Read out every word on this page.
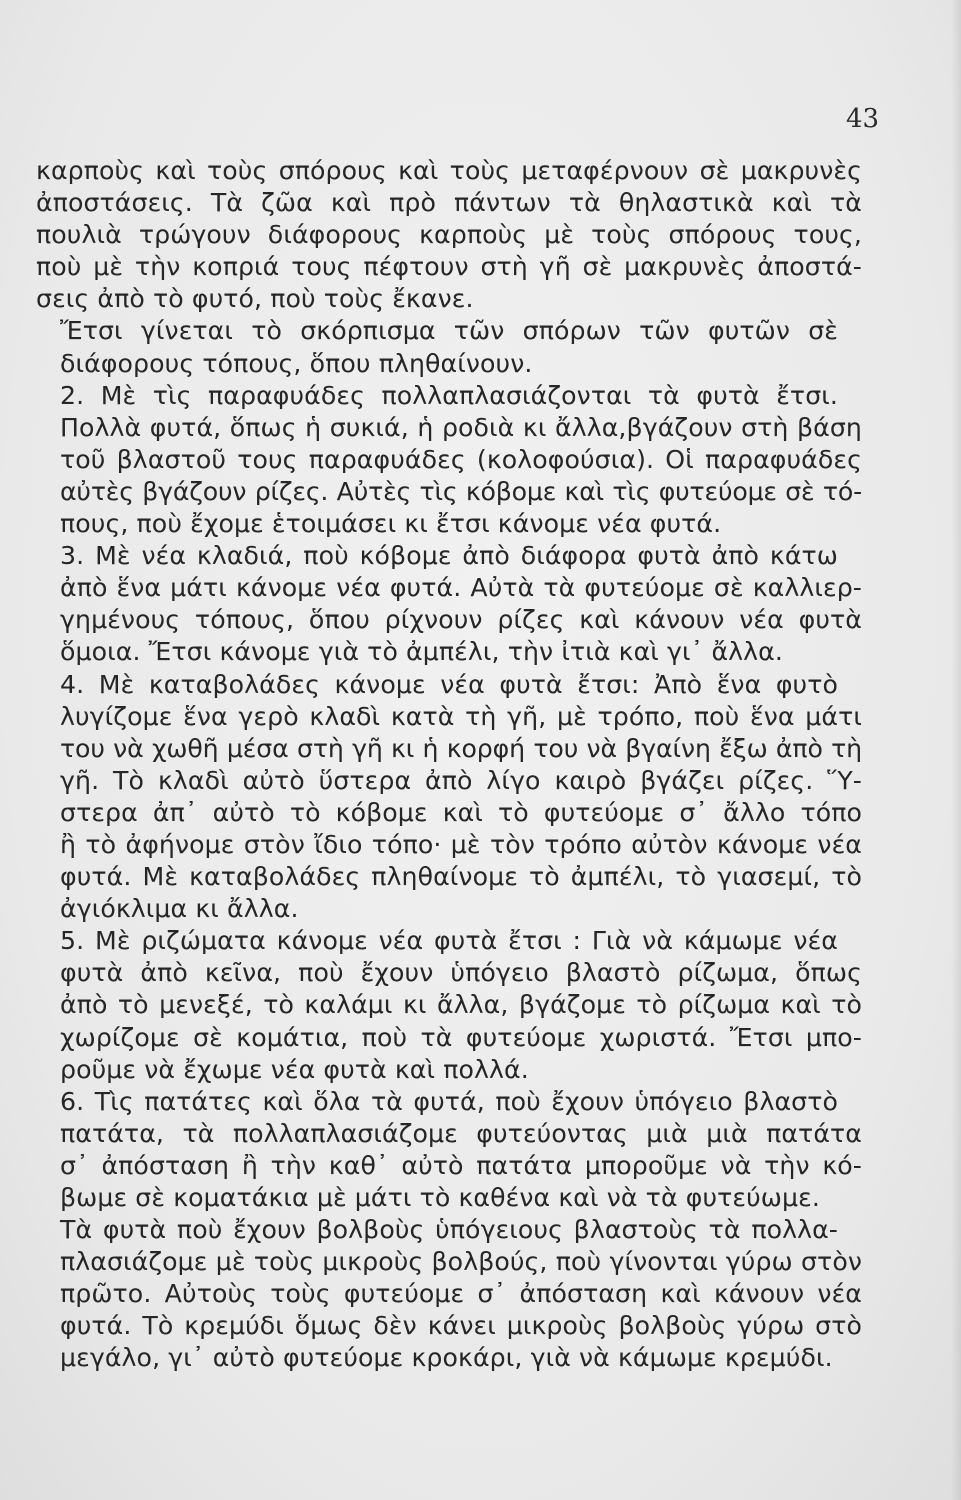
43

καρποὺς καὶ τοὺς σπόρους καὶ τοὺς μεταφέρνουν σὲ μακρυνὲς
ἀποστάσεις. Τὰ ζῶα καὶ πρὸ πάντων τὰ θηλαστικὰ καὶ τὰ
πουλιὰ τρώγουν διάφορους καρποὺς μὲ τοὺς σπόρους τους,
ποὺ μὲ τὴν κοπριά τους πέφτουν στὴ γῆ σὲ μακρυνὲς ἀποστά-
σεις ἀπὸ τὸ φυτό, ποὺ τοὺς ἔκανε.

Ἔτσι γίνεται τὸ σκόρπισμα τῶν σπόρων τῶν φυτῶν σὲ
διάφορους τόπους, ὅπου πληθαίνουν.

2. Μὲ τὶς παραφυάδες πολλαπλασιάζονται τὰ φυτὰ ἔτσι.
Πολλὰ φυτά, ὅπως ἡ συκιά, ἡ ροδιὰ κι ἄλλα,βγάζουν στὴ βάση
τοῦ βλαστοῦ τους παραφυάδες (κολοφούσια). Οἱ παραφυάδες
αὐτὲς βγάζουν ρίζες. Αὐτὲς τὶς κόβομε καὶ τὶς φυτεύομε σὲ τό-
πους, ποὺ ἔχομε ἑτοιμάσει κι ἔτσι κάνομε νέα φυτά.

3. Μὲ νέα κλαδιά, ποὺ κόβομε ἀπὸ διάφορα φυτὰ ἀπὸ κάτω
ἀπὸ ἕνα μάτι κάνομε νέα φυτά. Αὐτὰ τὰ φυτεύομε σὲ καλλιερ-
γημένους τόπους, ὅπου ρίχνουν ρίζες καὶ κάνουν νέα φυτὰ
ὅμοια. Ἔτσι κάνομε γιὰ τὸ ἀμπέλι, τὴν ἰτιὰ καὶ γι᾽ ἄλλα.

4. Μὲ καταβολάδες κάνομε νέα φυτὰ ἔτσι: Ἀπὸ ἕνα φυτὸ
λυγίζομε ἕνα γερὸ κλαδὶ κατὰ τὴ γῆ, μὲ τρόπο, ποὺ ἕνα μάτι
του νὰ χωθῆ μέσα στὴ γῆ κι ἡ κορφή του νὰ βγαίνη ἔξω ἀπὸ τὴ
γῆ. Τὸ κλαδὶ αὐτὸ ὕστερα ἀπὸ λίγο καιρὸ βγάζει ρίζες. Ὕ-
στερα ἀπ᾽ αὐτὸ τὸ κόβομε καὶ τὸ φυτεύομε σ᾽ ἄλλο τόπο
ἢ τὸ ἀφήνομε στὸν ἴδιο τόπο· μὲ τὸν τρόπο αὐτὸν κάνομε νέα
φυτά. Μὲ καταβολάδες πληθαίνομε τὸ ἀμπέλι, τὸ γιασεμί, τὸ
ἀγιόκλιμα κι ἄλλα.

5. Μὲ ριζώματα κάνομε νέα φυτὰ ἔτσι : Γιὰ νὰ κάμωμε νέα
φυτὰ ἀπὸ κεῖνα, ποὺ ἔχουν ὑπόγειο βλαστὸ ρίζωμα, ὅπως
ἀπὸ τὸ μενεξέ, τὸ καλάμι κι ἄλλα, βγάζομε τὸ ρίζωμα καὶ τὸ
χωρίζομε σὲ κομάτια, ποὺ τὰ φυτεύομε χωριστά. Ἔτσι μπο-
ροῦμε νὰ ἔχωμε νέα φυτὰ καὶ πολλά.

6. Τὶς πατάτες καὶ ὅλα τὰ φυτά, ποὺ ἔχουν ὑπόγειο βλαστὸ
πατάτα, τὰ πολλαπλασιάζομε φυτεύοντας μιὰ μιὰ πατάτα
σ᾽ ἀπόσταση ἢ τὴν καθ᾽ αὐτὸ πατάτα μποροῦμε νὰ τὴν κό-
βωμε σὲ κοματάκια μὲ μάτι τὸ καθένα καὶ νὰ τὰ φυτεύωμε.

Τὰ φυτὰ ποὺ ἔχουν βολβοὺς ὑπόγειους βλαστοὺς τὰ πολλα-
πλασιάζομε μὲ τοὺς μικροὺς βολβούς, ποὺ γίνονται γύρω στὸν
πρῶτο. Αὐτοὺς τοὺς φυτεύομε σ᾽ ἀπόσταση καὶ κάνουν νέα
φυτά. Τὸ κρεμύδι ὅμως δὲν κάνει μικροὺς βολβοὺς γύρω στὸ
μεγάλο, γι᾽ αὐτὸ φυτεύομε κροκάρι, γιὰ νὰ κάμωμε κρεμύδι.
